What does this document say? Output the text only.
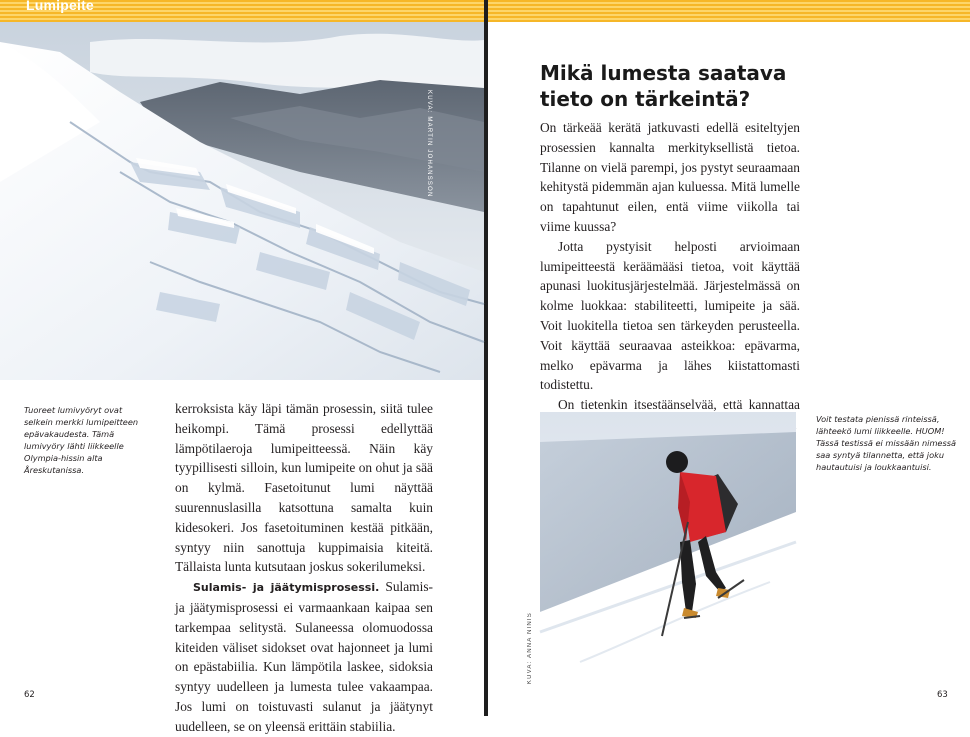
Lumipeite
KUVA: MARTIN JOHANSSON
Tuoreet lumivyöryt ovat selkein merkki lumipeitteen epävakaudesta. Tämä lumivyöry lähti liikkeelle Olympia-hissin alta Åreskutanissa.

kerroksista käy läpi tämän prosessin, siitä tulee heikompi. Tämä prosessi edellyttää lämpötilaeroja lumipeitteessä. Näin käy tyypillisesti silloin, kun lumipeite on ohut ja sää on kylmä. Fasetoitunut lumi näyttää suurennuslasilla katsottuna samalta kuin kidesokeri. Jos fasetoituminen kestää pitkään, syntyy niin sanottuja kuppimaisia kiteitä. Tällaista lunta kutsutaan joskus sokerilumeksi.

Sulamis- ja jäätymisprosessi. Sulamis- ja jäätymisprosessi ei varmaankaan kaipaa sen tarkempaa selitystä. Sulaneessa olomuodossa kiteiden väliset sidokset ovat hajonneet ja lumi on epästabiilia. Kun lämpötila laskee, sidoksia syntyy uudelleen ja lumesta tulee vakaampaa. Jos lumi on toistuvasti sulanut ja jäätynyt uudelleen, se on yleensä erittäin stabiilia.

62
Mikä lumesta saatava tieto on tärkeintä?

On tärkeää kerätä jatkuvasti edellä esiteltyjen prosessien kannalta merkityksellistä tietoa. Tilanne on vielä parempi, jos pystyt seuraamaan kehitystä pidemmän ajan kuluessa. Mitä lumelle on tapahtunut eilen, entä viime viikolla tai viime kuussa?

Jotta pystyisit helposti arvioimaan lumipeitteestä keräämääsi tietoa, voit käyttää apunasi luokitusjärjestelmää. Järjestelmässä on kolme luokkaa: stabiliteetti, lumipeite ja sää. Voit luokitella tietoa sen tärkeyden perusteella. Voit käyttää seuraavaa asteikkoa: epävarma, melko epävarma ja lähes kiistattomasti todistettu.

On tietenkin itsestäänselvää, että kannattaa

KUVA: ANNA NINIS
Voit testata pienissä rinteissä, lähteekö lumi liikkeelle. HUOM! Tässä testissä ei missään nimessä saa syntyä tilannetta, että joku hautautuisi ja loukkaantuisi.
63
